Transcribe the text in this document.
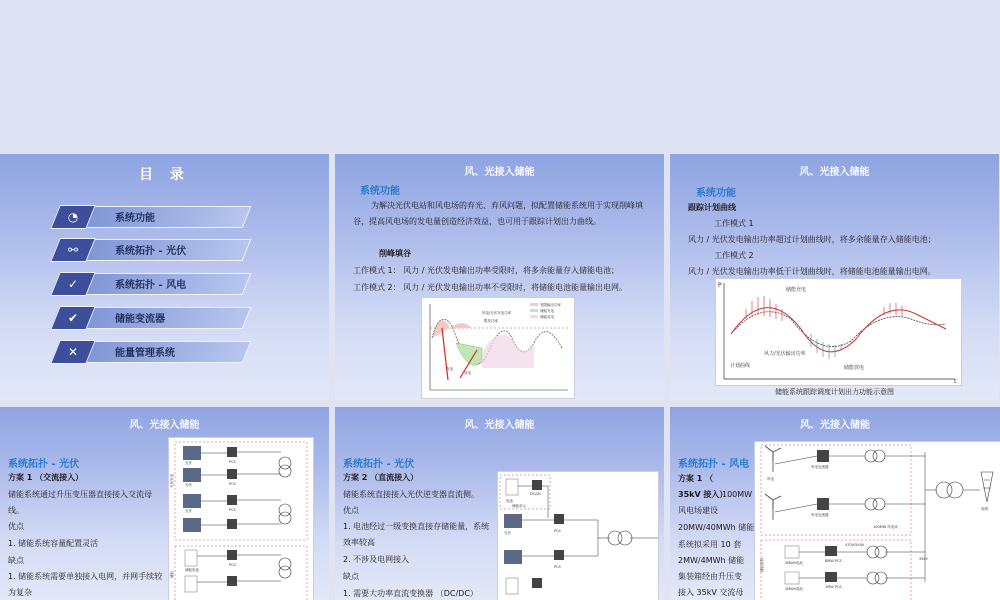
目 录
◔	系统功能
⚯	系统拓扑 - 光伏
✓	系统拓扑 - 风电
✔	储能变流器
✕	能量管理系统
风、光接入储能
系统功能
为解决光伏电站和风电场的弃光、弃风问题，拟配置储能系统用于实现削峰填谷，提高风电场的发电量创造经济效益，也可用于跟踪计划出力曲线。
削峰填谷
工作模式 1： 风力 / 光伏发电输出功率受限时，将多余能量存入储能电池；
工作模式 2： 风力 / 光伏发电输出功率不受限时，将储能电池能量输出电网。
受限输出功率
储能充电
储能放电
风电/光伏发电功率
限发功率
充电
放电
风、光接入储能
系统功能
跟踪计划曲线
工作模式 1
风力 / 光伏发电输出功率超过计划曲线时，将多余能量存入储能电池；
工作模式 2
风力 / 光伏发电输出功率低于计划曲线时，将储能电池能量输出电网。
P
t
储能充电
储能放电
风力/光伏输出功率
计划曲线
储能系统跟踪调度计划出力功能示意图
风、光接入储能
系统拓扑 - 光伏
方案 1 （交流接入）
储能系统通过升压变压器直接接入交流母线。
优点
1. 储能系统容量配置灵活
缺点
1. 储能系统需要单独接入电网，并网手续较为复杂
光伏
光伏
光伏
PCS
PCS
PCS
PCS
储能电池
光伏发电
储能
风、光接入储能
系统拓扑 - 光伏
方案 2 （直流接入）
储能系统直接接入光伏逆变器直流侧。
优点
1. 电池经过一级变换直接存储能量，系统效率较高
2. 不涉及电网接入
缺点
1. 需要大功率直流变换器 （DC/DC）
电池
DC/DC
储能单元
光伏	PCS
PCS
风、光接入储能
系统拓扑 - 风电
方案 1 （ 35kV 接入）
100MW
风电场建设
20MW/40MWh 储能
系统拟采用 10 套
2MW/4MWh 储能
集装箱经由升压变
接入 35kV 交流母
风电
风电变流器
风电变流器
100MW 风电场
储能系统	2MWh电池
2MWh电池
BMW PCS
1MW PCS
470V/540V
35kV
电网
